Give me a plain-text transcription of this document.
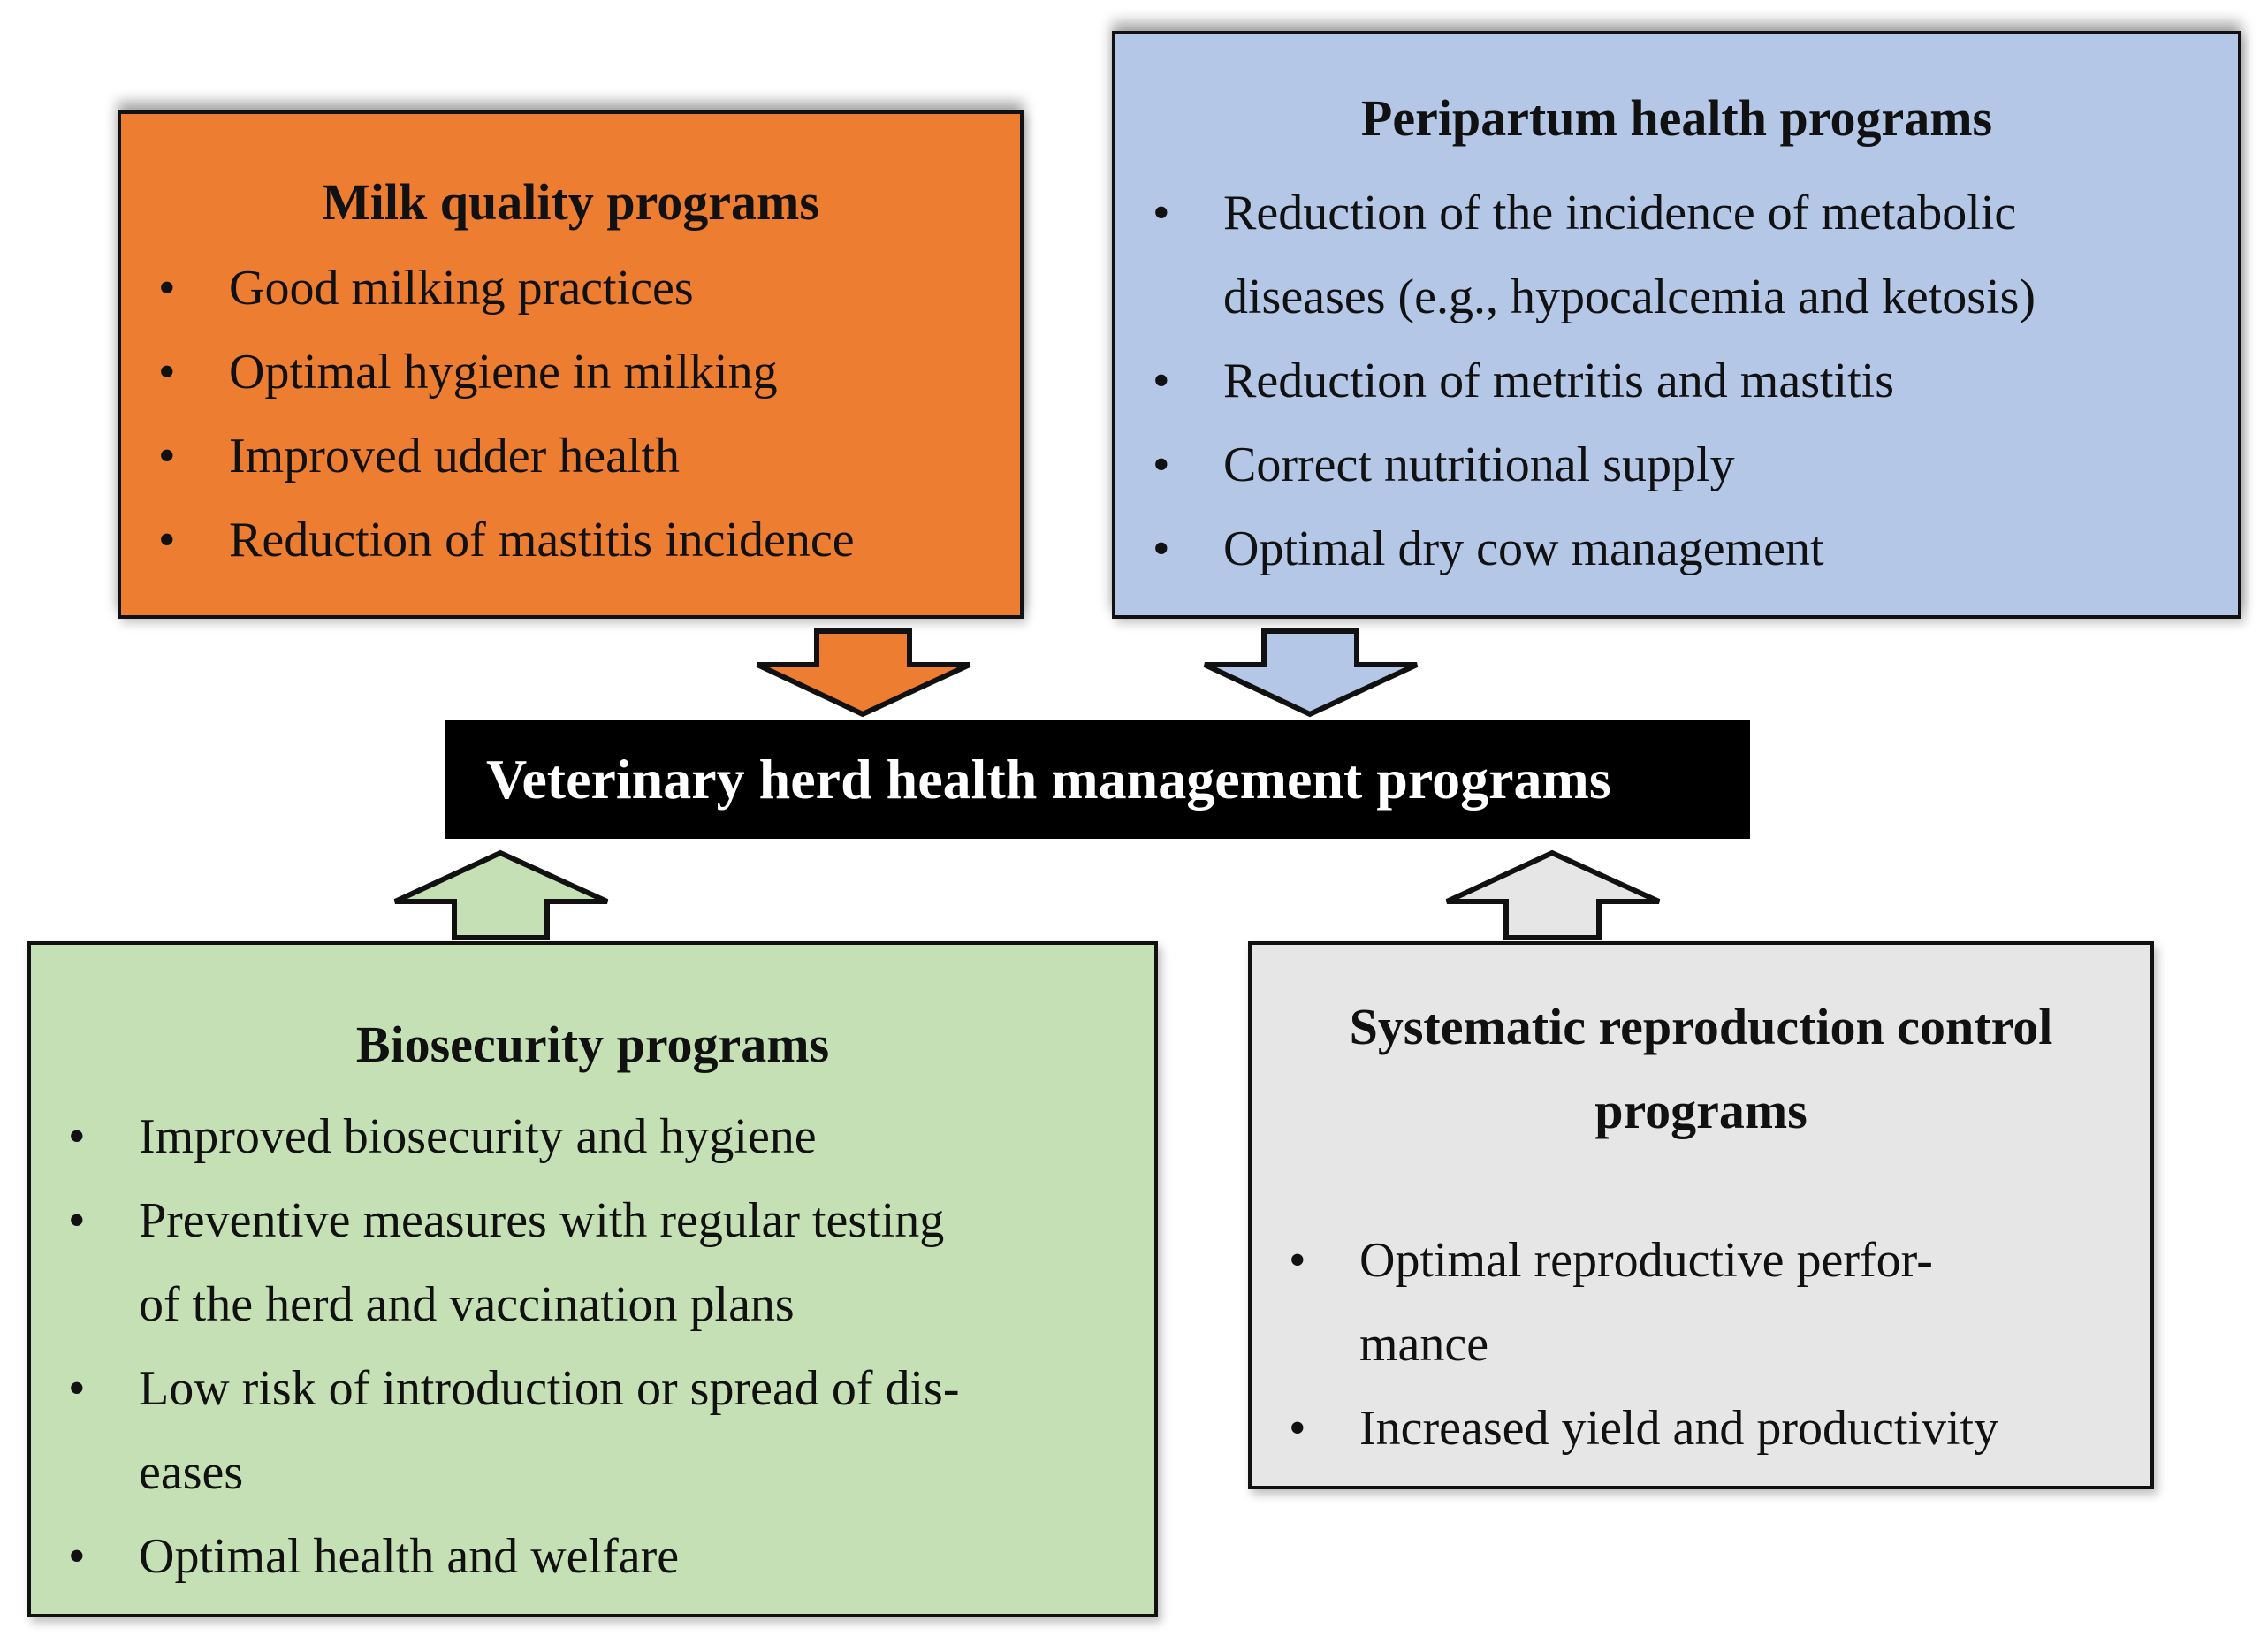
Milk quality programs
• Good milking practices
• Optimal hygiene in milking
• Improved udder health
• Reduction of mastitis incidence
Peripartum health programs
• Reduction of the incidence of metabolic
diseases (e.g., hypocalcemia and ketosis)
• Reduction of metritis and mastitis
• Correct nutritional supply
• Optimal dry cow management
Veterinary herd health management programs
Biosecurity programs
• Improved biosecurity and hygiene
• Preventive measures with regular testing
of the herd and vaccination plans
• Low risk of introduction or spread of dis-
eases
• Optimal health and welfare
Systematic reproduction control
programs
• Optimal reproductive perfor-
mance
• Increased yield and productivity
